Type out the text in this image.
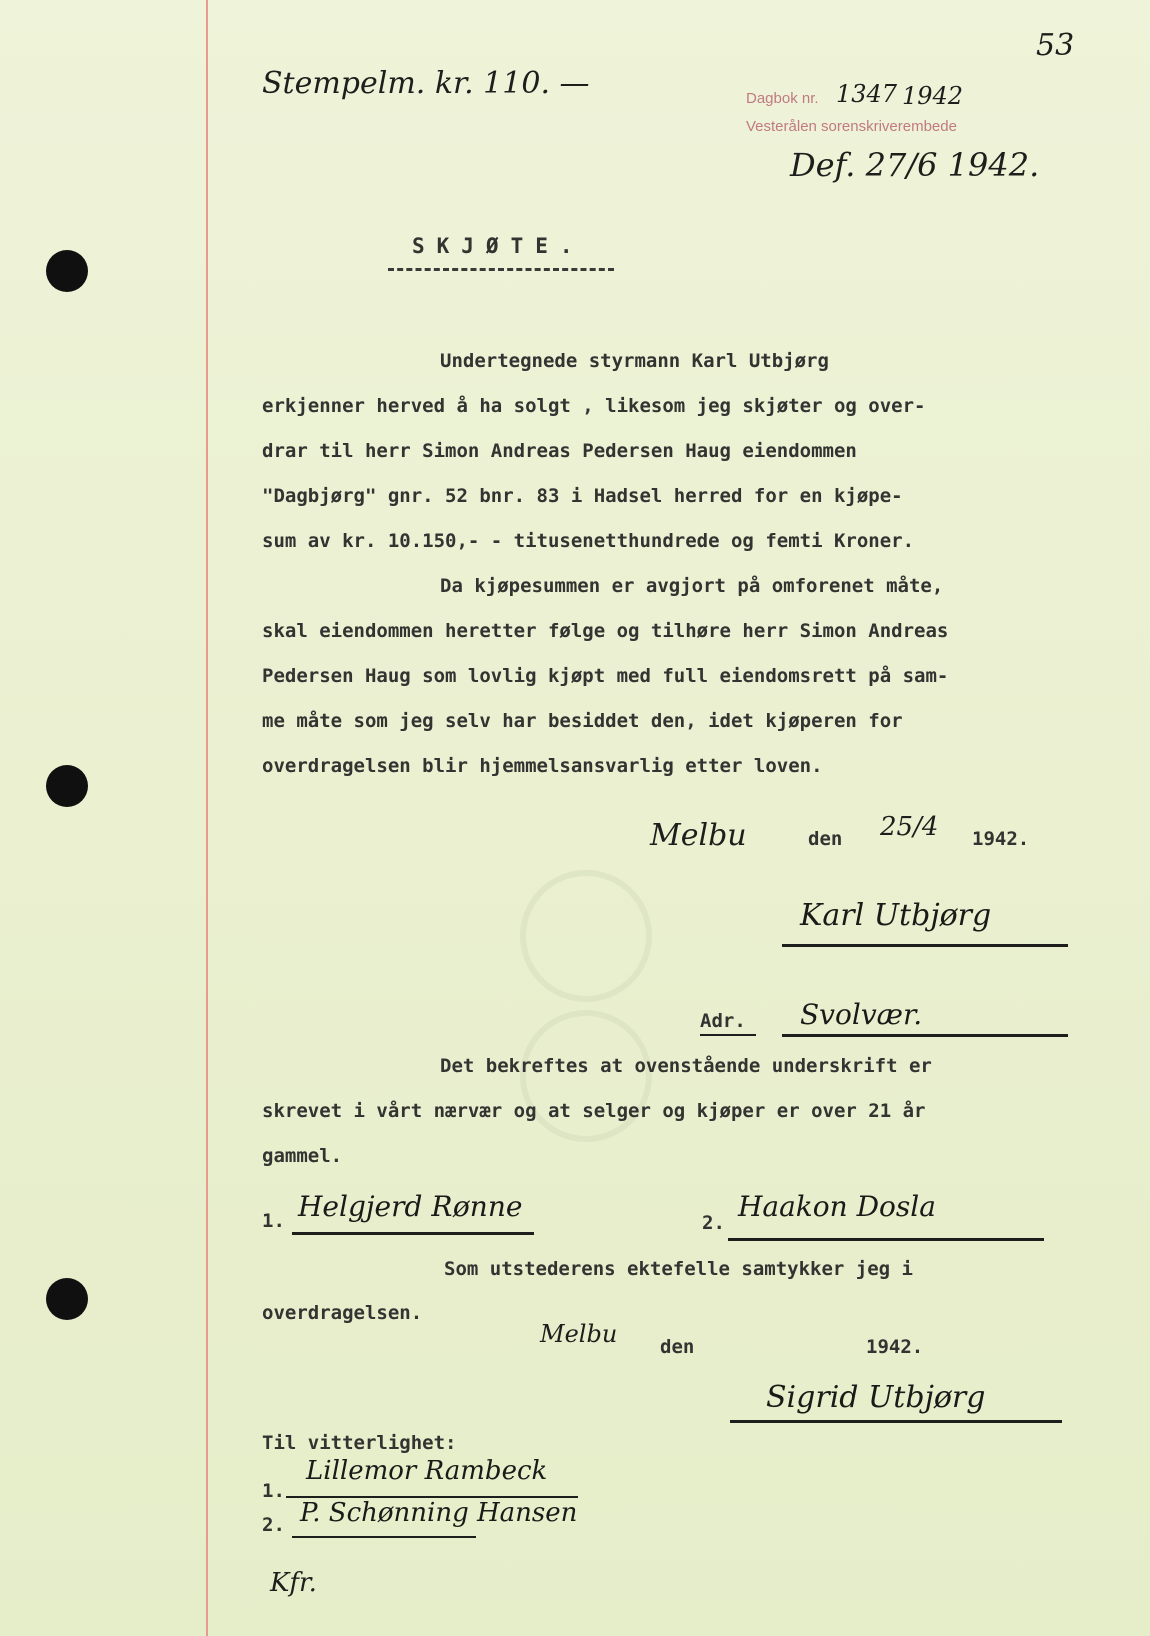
Stempelm. kr. 110. —
53
Dagbok nr. 1347 1942
Vesterålen sorenskriverembede
Def. 27/6 1942.
SKJØTE.
Undertegnede styrmann Karl Utbjørg
erkjenner herved å ha solgt , likesom jeg skjøter og over-
drar til herr Simon Andreas Pedersen Haug eiendommen
"Dagbjørg" gnr. 52 bnr. 83 i Hadsel herred for en kjøpe-
sum av kr. 10.150,- - titusenetthundrede og femti Kroner.
Da kjøpesummen er avgjort på omforenet måte,
skal eiendommen heretter følge og tilhøre herr Simon Andreas
Pedersen Haug som lovlig kjøpt med full eiendomsrett på sam-
me måte som jeg selv har besiddet den, idet kjøperen for
overdragelsen blir hjemmelsansvarlig etter loven.
Melbu	den 25/4 1942.
Karl Utbjørg
Adr. Svolvær.
Det bekreftes at ovenstående underskrift er
skrevet i vårt nærvær og at selger og kjøper er over 21 år
gammel.
1. Helgjerd Rønne	2. Haakon Dosla
Som utstederens ektefelle samtykker jeg i
overdragelsen.
Melbu den	1942.
Sigrid Utbjørg
Til vitterlighet:
1.
Lillemor Rambeck
2. P. Schønning Hansen
Kfr.
